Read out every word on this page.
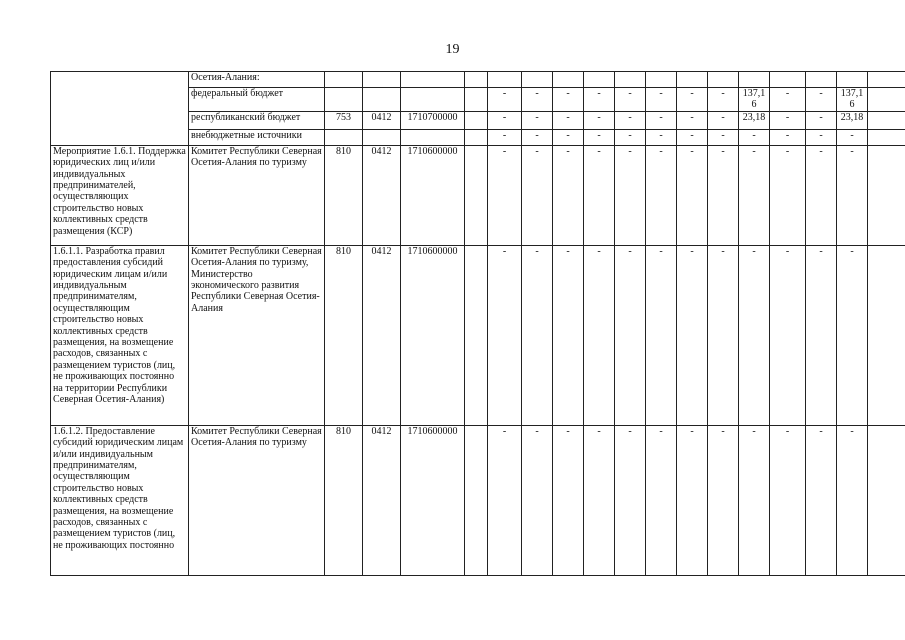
19
	Осетия-Алания:																		
	федеральный бюджет					-	-	-	-	-	-	-	-	137,16	-	-	137,16		
	республиканский бюджет	753	0412	1710700000		-	-	-	-	-	-	-	-	23,18	-	-	23,18		
	внебюджетные источники					-	-	-	-	-	-	-	-	-	-	-	-		
Мероприятие 1.6.1. Поддержка юридических лиц и/или индивидуальных предпринимателей, осуществляющих строительство новых коллективных средств размещения (КСР)	Комитет Республики Северная Осетия-Алания по туризму	810	0412	1710600000		-	-	-	-	-	-	-	-	-	-	-	-		
1.6.1.1. Разработка правил предоставления субсидий юридическим лицам и/или индивидуальным предпринимателям, осуществляющим строительство новых коллективных средств размещения, на возмещение расходов, связанных с размещением туристов (лиц, не проживающих постоянно на территории Республики Северная Осетия-Алания)	Комитет Республики Северная Осетия-Алания по туризму, Министерство экономического развития Республики Северная Осетия-Алания	810	0412	1710600000		-	-	-	-	-	-	-	-	-	-	-	-		
1.6.1.2. Предоставление субсидий юридическим лицам и/или индивидуальным предпринимателям, осуществляющим строительство новых коллективных средств размещения, на возмещение расходов, связанных с размещением туристов (лиц, не проживающих постоянно	Комитет Республики Северная Осетия-Алания по туризму	810	0412	1710600000		-	-	-	-	-	-	-	-	-	-	-	-		
